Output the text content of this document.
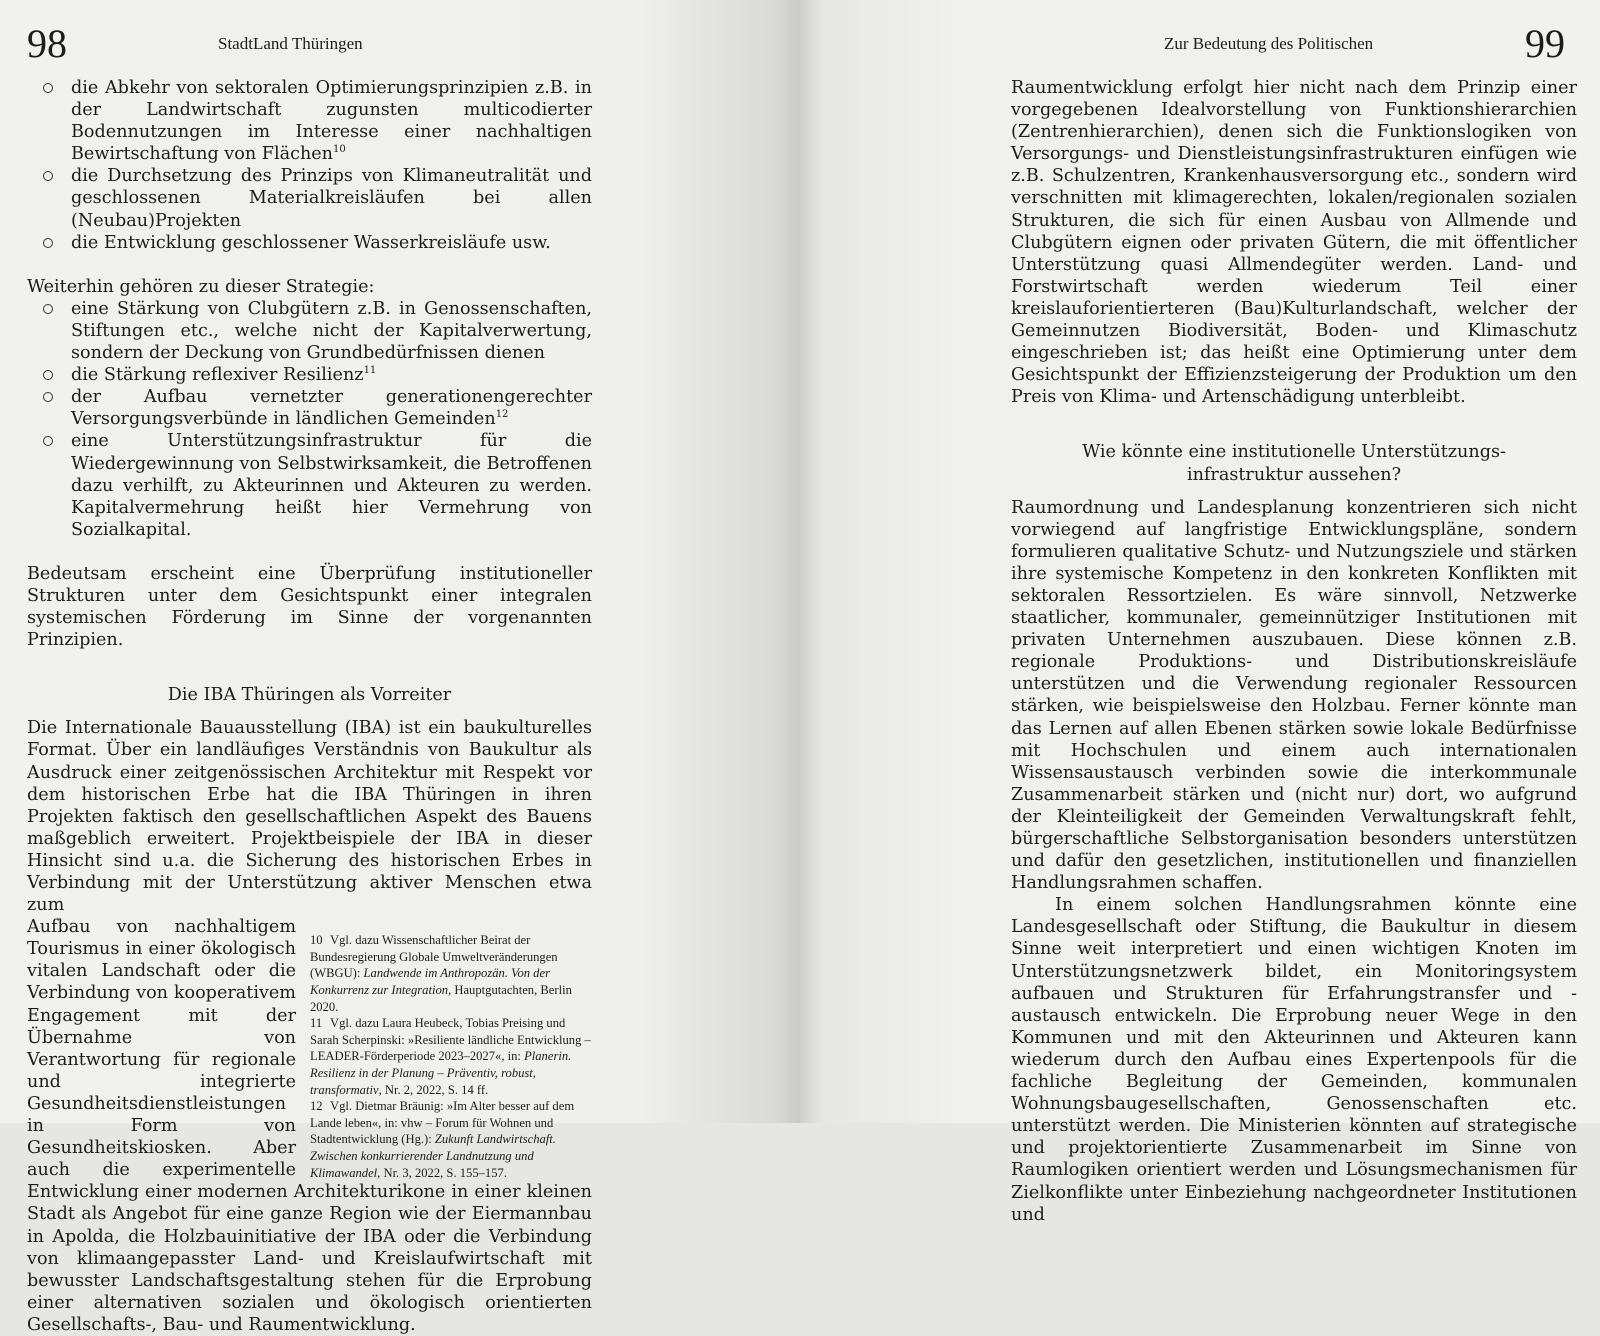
98	StadtLand Thüringen
die Abkehr von sektoralen Optimierungsprinzipien z.B. in der Landwirtschaft zugunsten multicodierter Bodennutzungen im Interesse einer nachhaltigen Bewirtschaftung von Flächen$^{10}$
die Durchsetzung des Prinzips von Klimaneutralität und geschlossenen Materialkreisläufen bei allen (Neubau)Projekten
die Entwicklung geschlossener Wasserkreisläufe usw.

Weiterhin gehören zu dieser Strategie:

eine Stärkung von Clubgütern z.B. in Genossenschaften, Stiftungen etc., welche nicht der Kapitalverwertung, sondern der Deckung von Grundbedürfnissen dienen
die Stärkung reflexiver Resilienz$^{11}$
der Aufbau vernetzter generationengerechter Versorgungsverbünde in ländlichen Gemeinden$^{12}$
eine Unterstützungsinfrastruktur für die Wiedergewinnung von Selbstwirksamkeit, die Betroffenen dazu verhilft, zu Akteurinnen und Akteuren zu werden. Kapitalvermehrung heißt hier Vermehrung von Sozialkapital.

Bedeutsam erscheint eine Überprüfung institutioneller Strukturen unter dem Gesichtspunkt einer integralen systemischen Förderung im Sinne der vorgenannten Prinzipien.

Die IBA Thüringen als Vorreiter

Die Internationale Bauausstellung (IBA) ist ein baukulturelles Format. Über ein landläufiges Verständnis von Baukultur als Ausdruck einer zeitgenössischen Architektur mit Respekt vor dem historischen Erbe hat die IBA Thüringen in ihren Projekten faktisch den gesellschaftlichen Aspekt des Bauens maßgeblich erweitert. Projektbeispiele der IBA in dieser Hinsicht sind u.a. die Sicherung des historischen Erbes in Verbindung mit der Unterstützung aktiver Menschen etwa zum

10 Vgl. dazu Wissenschaftlicher Beirat der Bundesregierung Globale Umweltveränderungen (WBGU): Landwende im Anthropozän. Von der Konkurrenz zur Integration, Hauptgutachten, Berlin 2020.
11 Vgl. dazu Laura Heubeck, Tobias Preising und Sarah Scherpinski: »Resiliente ländliche Entwicklung – LEADER-Förderperiode 2023–2027«, in: Planerin. Resilienz in der Planung – Präventiv, robust, transformativ, Nr. 2, 2022, S. 14 ff.
12 Vgl. Dietmar Bräunig: »Im Alter besser auf dem Lande leben«, in: vhw – Forum für Wohnen und Stadtentwicklung (Hg.): Zukunft Landwirtschaft. Zwischen konkurrierender Landnutzung und Klimawandel, Nr. 3, 2022, S. 155–157.

Aufbau von nachhaltigem Tourismus in einer ökologisch vitalen Landschaft oder die Verbindung von kooperativem Engagement mit der Übernahme von Verantwortung für regionale und integrierte Gesundheitsdienstleistungen in Form von Gesundheitskiosken. Aber auch die experimentelle Entwicklung einer modernen Architekturikone in einer kleinen Stadt als Angebot für eine ganze Region wie der Eiermannbau in Apolda, die Holzbauinitiative der IBA oder die Verbindung von klimaangepasster Land- und Kreislaufwirtschaft mit bewusster Landschaftsgestaltung stehen für die Erprobung einer alternativen sozialen und ökologisch orientierten Gesellschafts-, Bau- und Raumentwicklung.

Zur Bedeutung des Politischen	99

Raumentwicklung erfolgt hier nicht nach dem Prinzip einer vorgegebenen Idealvorstellung von Funktionshierarchien (Zentrenhierarchien), denen sich die Funktionslogiken von Versorgungs- und Dienstleistungsinfrastrukturen einfügen wie z.B. Schulzentren, Krankenhausversorgung etc., sondern wird verschnitten mit klimagerechten, lokalen/regionalen sozialen Strukturen, die sich für einen Ausbau von Allmende und Clubgütern eignen oder privaten Gütern, die mit öffentlicher Unterstützung quasi Allmendegüter werden. Land- und Forstwirtschaft werden wiederum Teil einer kreislauforientierteren (Bau)Kulturlandschaft, welcher der Gemeinnutzen Biodiversität, Boden- und Klimaschutz eingeschrieben ist; das heißt eine Optimierung unter dem Gesichtspunkt der Effizienzsteigerung der Produktion um den Preis von Klima- und Artenschädigung unterbleibt.

Wie könnte eine institutionelle Unterstützungs-
infrastruktur aussehen?

Raumordnung und Landesplanung konzentrieren sich nicht vorwiegend auf langfristige Entwicklungspläne, sondern formulieren qualitative Schutz- und Nutzungsziele und stärken ihre systemische Kompetenz in den konkreten Konflikten mit sektoralen Ressortzielen. Es wäre sinnvoll, Netzwerke staatlicher, kommunaler, gemeinnütziger Institutionen mit privaten Unternehmen auszubauen. Diese können z.B. regionale Produktions- und Distributionskreisläufe unterstützen und die Verwendung regionaler Ressourcen stärken, wie beispielsweise den Holzbau. Ferner könnte man das Lernen auf allen Ebenen stärken sowie lokale Bedürfnisse mit Hochschulen und einem auch internationalen Wissensaustausch verbinden sowie die interkommunale Zusammenarbeit stärken und (nicht nur) dort, wo aufgrund der Kleinteiligkeit der Gemeinden Verwaltungskraft fehlt, bürgerschaftliche Selbstorganisation besonders unterstützen und dafür den gesetzlichen, institutionellen und finanziellen Handlungsrahmen schaffen.

In einem solchen Handlungsrahmen könnte eine Landesgesellschaft oder Stiftung, die Baukultur in diesem Sinne weit interpretiert und einen wichtigen Knoten im Unterstützungsnetzwerk bildet, ein Monitoringsystem aufbauen und Strukturen für Erfahrungstransfer und -austausch entwickeln. Die Erprobung neuer Wege in den Kommunen und mit den Akteurinnen und Akteuren kann wiederum durch den Aufbau eines Expertenpools für die fachliche Begleitung der Gemeinden, kommunalen Wohnungsbaugesellschaften, Genossenschaften etc. unterstützt werden. Die Ministerien könnten auf strategische und projektorientierte Zusammenarbeit im Sinne von Raumlogiken orientiert werden und Lösungsmechanismen für Zielkonflikte unter Einbeziehung nachgeordneter Institutionen und
